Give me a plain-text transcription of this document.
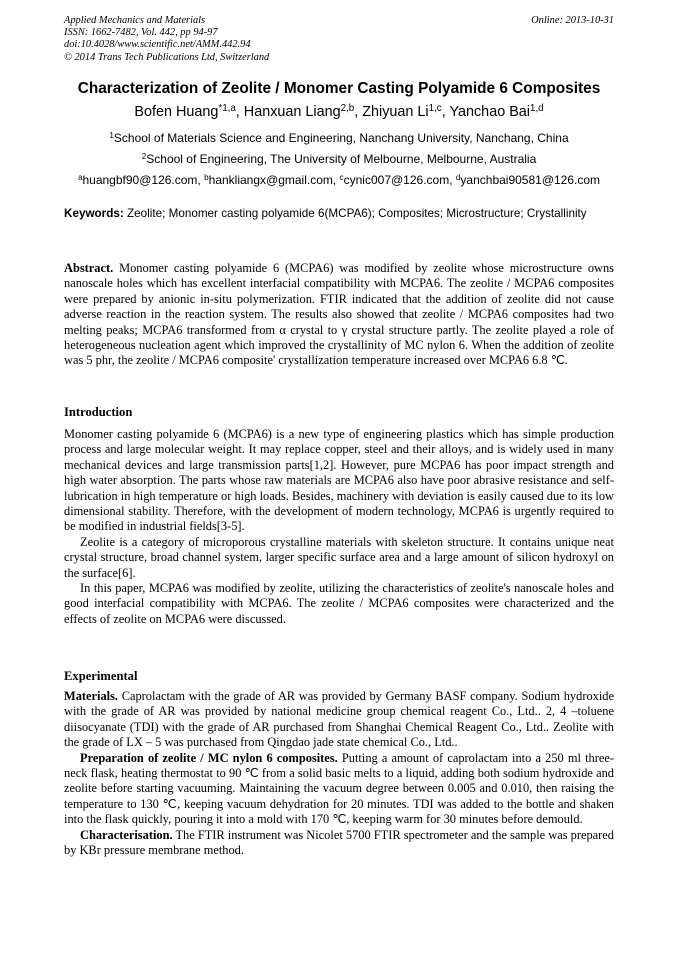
Applied Mechanics and Materials
ISSN: 1662-7482, Vol. 442, pp 94-97
doi:10.4028/www.scientific.net/AMM.442.94
© 2014 Trans Tech Publications Ltd, Switzerland
Online: 2013-10-31
Characterization of Zeolite / Monomer Casting Polyamide 6 Composites
Bofen Huang$^{*1,a}$, Hanxuan Liang$^{2,b}$, Zhiyuan Li$^{1,c}$, Yanchao Bai$^{1,d}$
$^1$School of Materials Science and Engineering, Nanchang University, Nanchang, China
$^2$School of Engineering, The University of Melbourne, Melbourne, Australia
$^a$huangbf90@126.com, $^b$hankliangx@gmail.com, $^c$cynic007@126.com, $^d$yanchbai90581@126.com
Keywords: Zeolite; Monomer casting polyamide 6(MCPA6); Composites; Microstructure; Crystallinity

Abstract. Monomer casting polyamide 6 (MCPA6) was modified by zeolite whose microstructure owns nanoscale holes which has excellent interfacial compatibility with MCPA6. The zeolite / MCPA6 composites were prepared by anionic in-situ polymerization. FTIR indicated that the addition of zeolite did not cause adverse reaction in the reaction system. The results also showed that zeolite / MCPA6 composites had two melting peaks; MCPA6 transformed from α crystal to γ crystal structure partly. The zeolite played a role of heterogeneous nucleation agent which improved the crystallinity of MC nylon 6. When the addition of zeolite was 5 phr, the zeolite / MCPA6 composite' crystallization temperature increased over MCPA6 6.8 ℃.

Introduction

Monomer casting polyamide 6 (MCPA6) is a new type of engineering plastics which has simple production process and large molecular weight. It may replace copper, steel and their alloys, and is widely used in many mechanical devices and large transmission parts[1,2]. However, pure MCPA6 has poor impact strength and high water absorption. The parts whose raw materials are MCPA6 also have poor abrasive resistance and self-lubrication in high temperature or high loads. Besides, machinery with deviation is easily caused due to its low dimensional stability. Therefore, with the development of modern technology, MCPA6 is urgently required to be modified in industrial fields[3-5].

Zeolite is a category of microporous crystalline materials with skeleton structure. It contains unique neat crystal structure, broad channel system, larger specific surface area and a large amount of silicon hydroxyl on the surface[6].

In this paper, MCPA6 was modified by zeolite, utilizing the characteristics of zeolite's nanoscale holes and good interfacial compatibility with MCPA6. The zeolite / MCPA6 composites were characterized and the effects of zeolite on MCPA6 were discussed.

Experimental

Materials. Caprolactam with the grade of AR was provided by Germany BASF company. Sodium hydroxide with the grade of AR was provided by national medicine group chemical reagent Co., Ltd.. 2, 4 –toluene diisocyanate (TDI) with the grade of AR purchased from Shanghai Chemical Reagent Co., Ltd.. Zeolite with the grade of LX – 5 was purchased from Qingdao jade state chemical Co., Ltd..

Preparation of zeolite / MC nylon 6 composites. Putting a amount of caprolactam into a 250 ml three-neck flask, heating thermostat to 90 ℃ from a solid basic melts to a liquid, adding both sodium hydroxide and zeolite before starting vacuuming. Maintaining the vacuum degree between 0.005 and 0.010, then raising the temperature to 130 ℃, keeping vacuum dehydration for 20 minutes. TDI was added to the bottle and shaken into the flask quickly, pouring it into a mold with 170 ℃, keeping warm for 30 minutes before demould.

Characterisation. The FTIR instrument was Nicolet 5700 FTIR spectrometer and the sample was prepared by KBr pressure membrane method.
